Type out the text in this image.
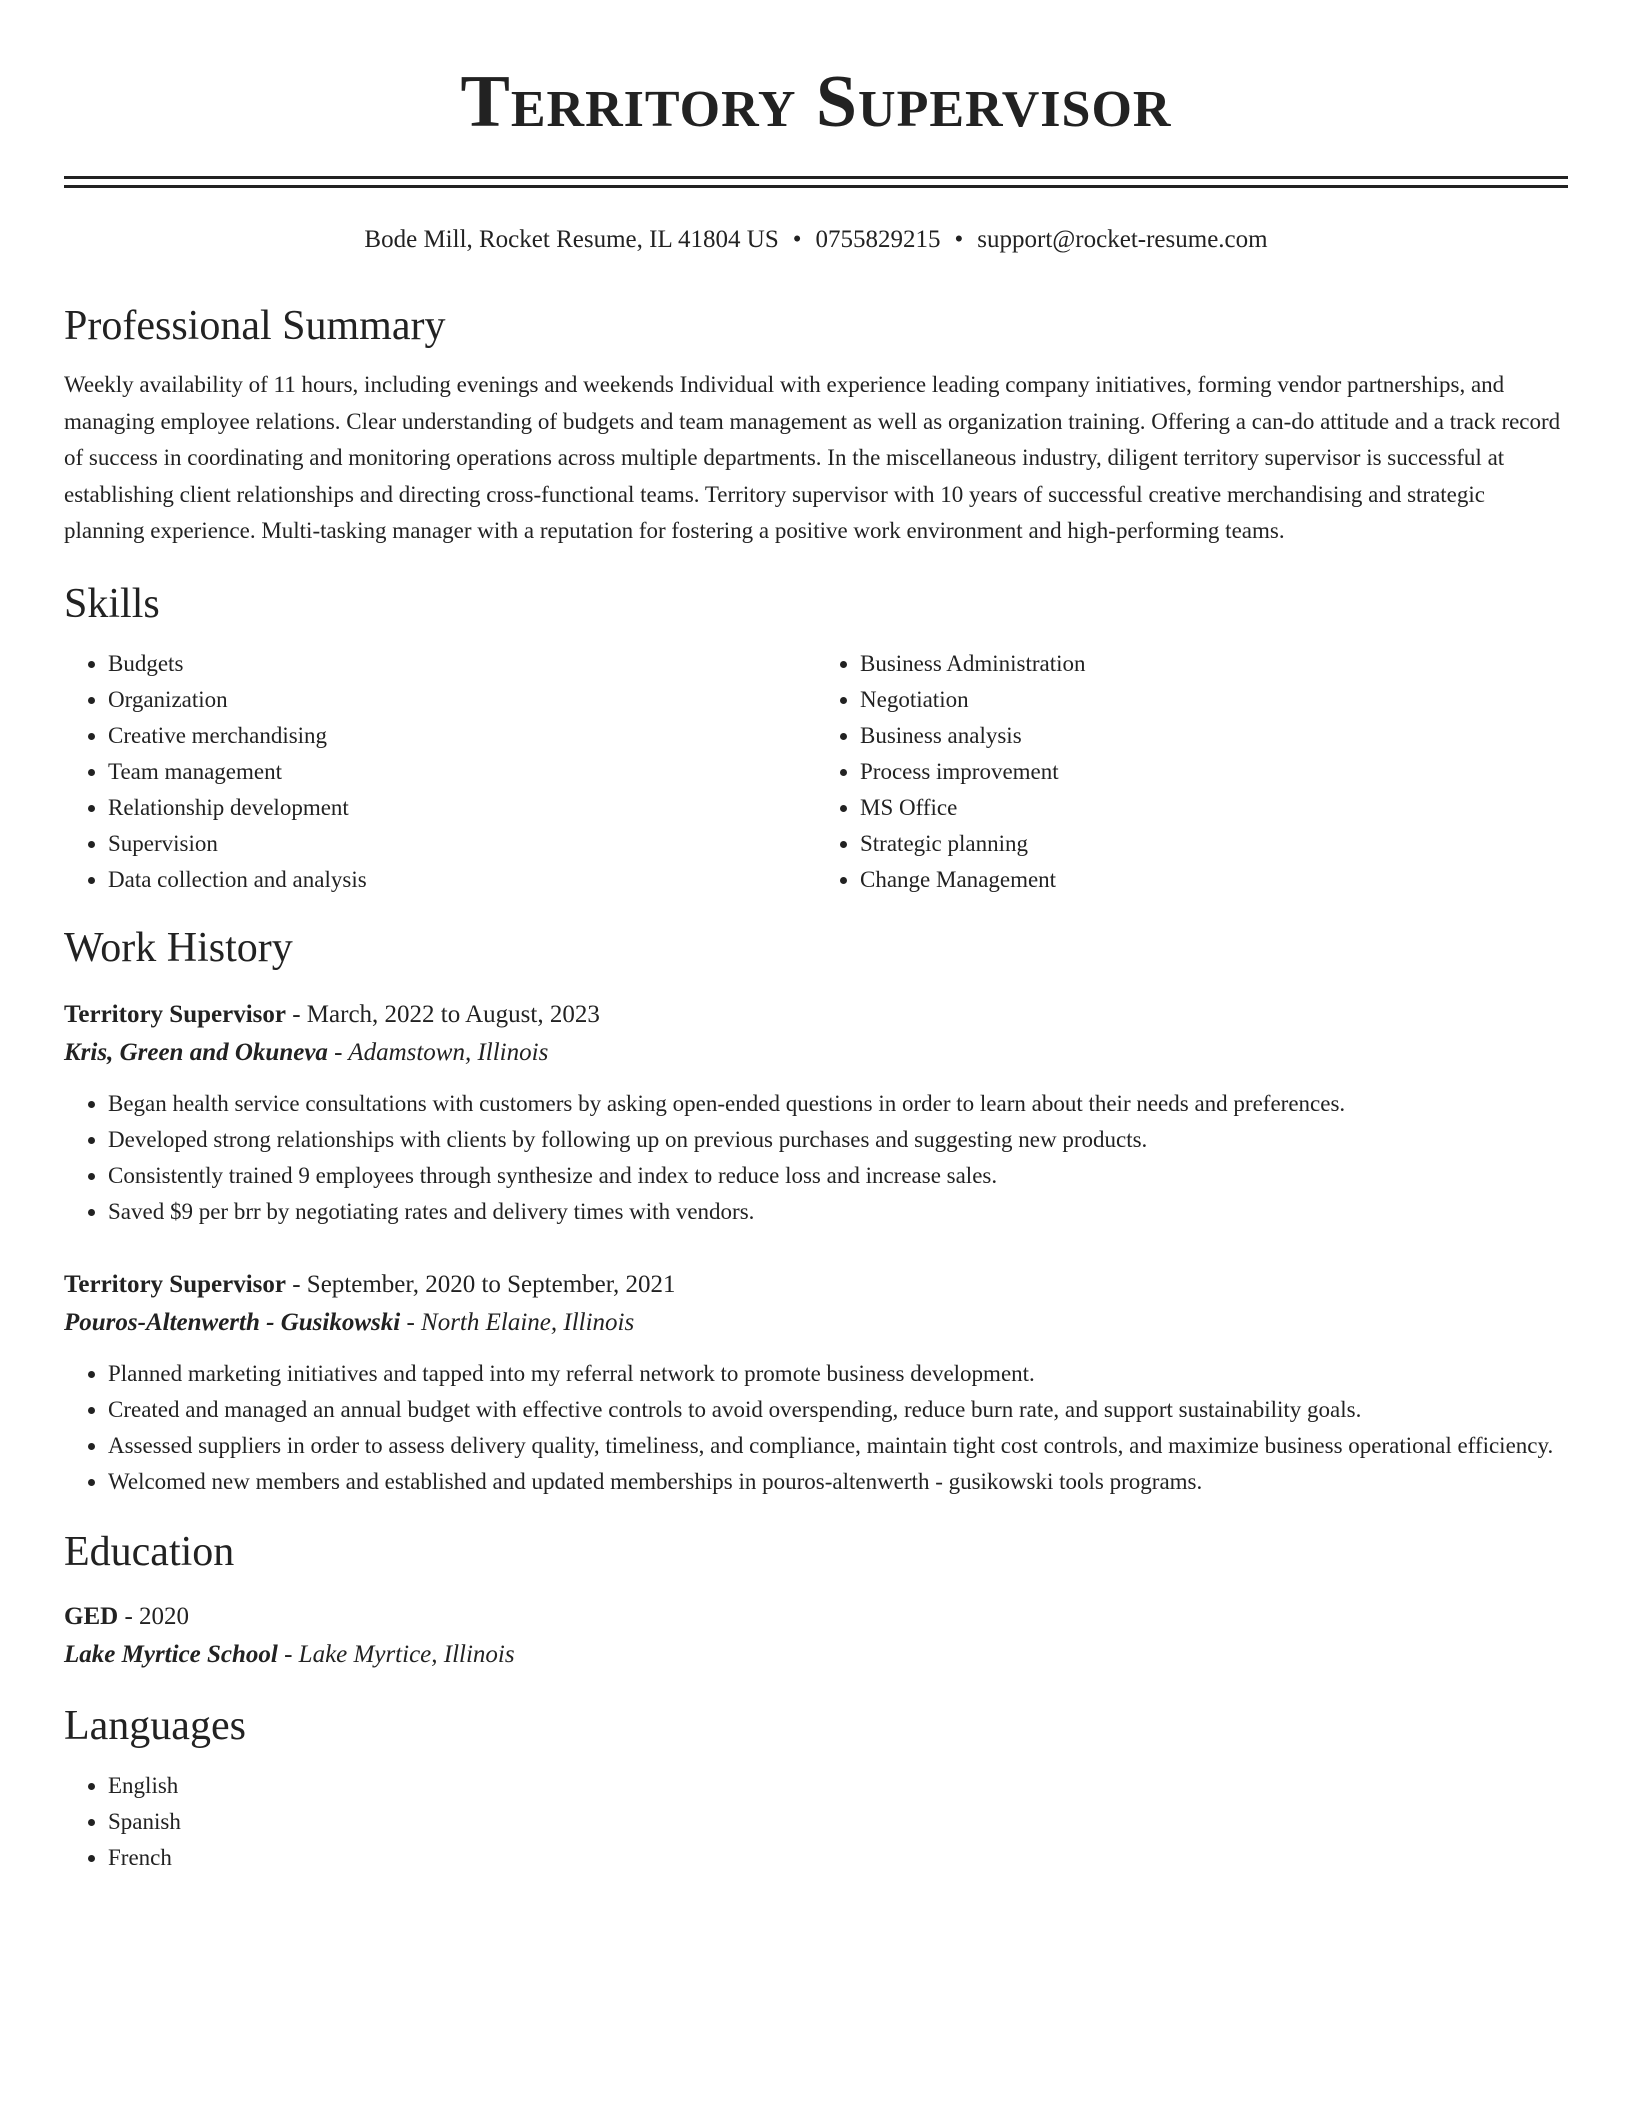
Territory Supervisor
Bode Mill, Rocket Resume, IL 41804 US • 0755829215 • support@rocket-resume.com
Professional Summary

Weekly availability of 11 hours, including evenings and weekends Individual with experience leading company initiatives, forming vendor partnerships, and managing employee relations. Clear understanding of budgets and team management as well as organization training. Offering a can-do attitude and a track record of success in coordinating and monitoring operations across multiple departments. In the miscellaneous industry, diligent territory supervisor is successful at establishing client relationships and directing cross-functional teams. Territory supervisor with 10 years of successful creative merchandising and strategic planning experience. Multi-tasking manager with a reputation for fostering a positive work environment and high-performing teams.

Skills
• Budgets
• Organization
• Creative merchandising
• Team management
• Relationship development
• Supervision
• Data collection and analysis
• Business Administration
• Negotiation
• Business analysis
• Process improvement
• MS Office
• Strategic planning
• Change Management
Work History
Territory Supervisor - March, 2022 to August, 2023
Kris, Green and Okuneva - Adamstown, Illinois
• Began health service consultations with customers by asking open-ended questions in order to learn about their needs and preferences.
• Developed strong relationships with clients by following up on previous purchases and suggesting new products.
• Consistently trained 9 employees through synthesize and index to reduce loss and increase sales.
• Saved $9 per brr by negotiating rates and delivery times with vendors.
Territory Supervisor - September, 2020 to September, 2021
Pouros-Altenwerth - Gusikowski - North Elaine, Illinois
• Planned marketing initiatives and tapped into my referral network to promote business development.
• Created and managed an annual budget with effective controls to avoid overspending, reduce burn rate, and support sustainability goals.
• Assessed suppliers in order to assess delivery quality, timeliness, and compliance, maintain tight cost controls, and maximize business operational efficiency.
• Welcomed new members and established and updated memberships in pouros-altenwerth - gusikowski tools programs.
Education
GED - 2020
Lake Myrtice School - Lake Myrtice, Illinois
Languages
• English
• Spanish
• French
